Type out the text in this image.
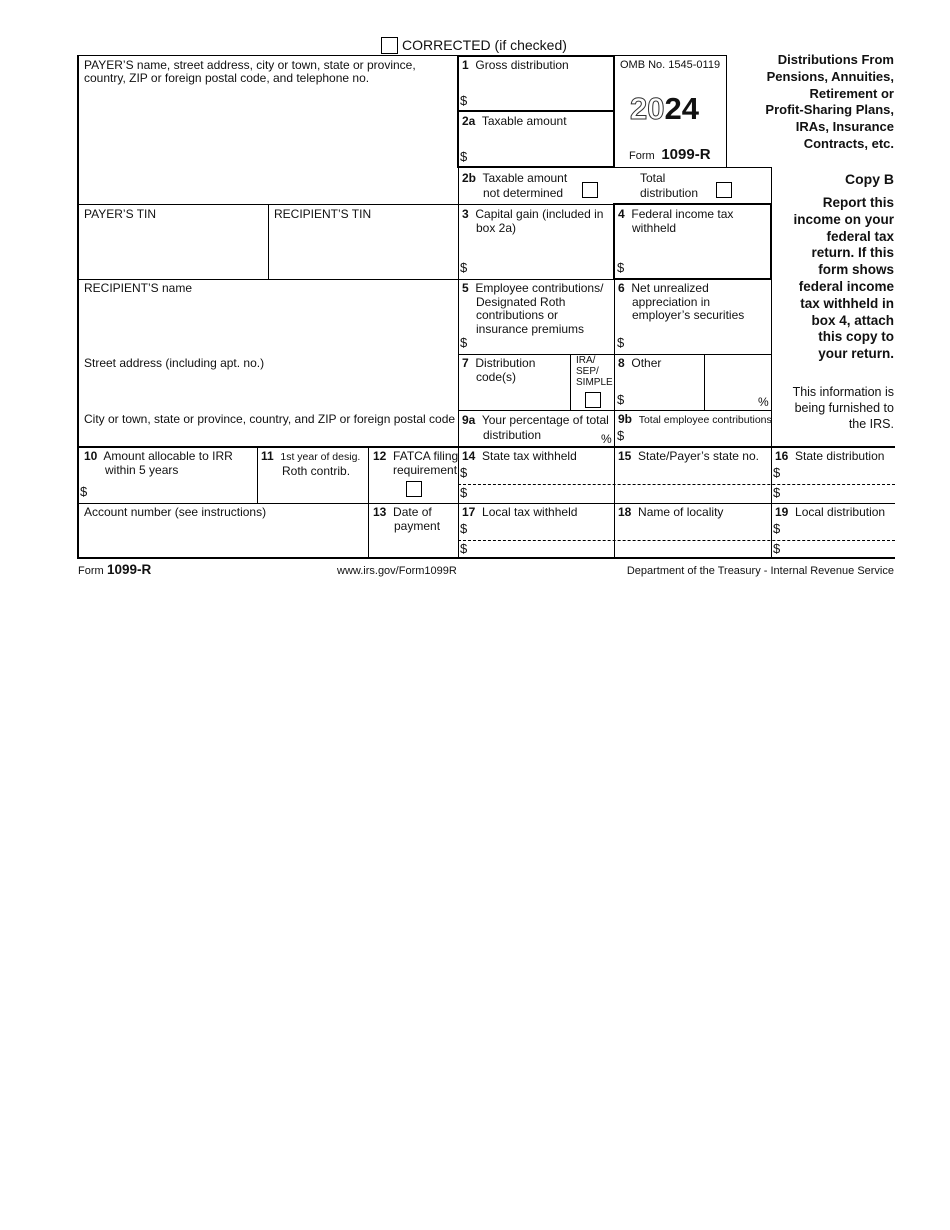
CORRECTED (if checked)
PAYER’S name, street address, city or town, state or province,
country, ZIP or foreign postal code, and telephone no.
PAYER’S TIN	RECIPIENT’S TIN
RECIPIENT’S name
Street address (including apt. no.)
City or town, state or province, country, and ZIP or foreign postal code
1 Gross distribution
$
2a Taxable amount
$
OMB No. 1545-0119
2024
Form 1099-R
Distributions From
Pensions, Annuities,
Retirement or
Profit-Sharing Plans,
IRAs, Insurance
Contracts, etc.
2b Taxable amount
not determined
Total
distribution
Copy B
Report this
income on your
federal tax
return. If this
form shows
federal income
tax withheld in
box 4, attach
this copy to
your return.
This information is
being furnished to
the IRS.
3 Capital gain (included in
box 2a)
$
4 Federal income tax
withheld
$
5 Employee contributions/
Designated Roth
contributions or
insurance premiums
$
6 Net unrealized
appreciation in
employer’s securities
$
7 Distribution
code(s)
IRA/
SEP/
SIMPLE
8 Other
$	%
9a Your percentage of total
distribution	%
9b Total employee contributions
$
10 Amount allocable to IRR
within 5 years
$
11 1st year of desig.
Roth contrib.
12 FATCA filing
requirement
14 State tax withheld
$
$
15 State/Payer’s state no. 16 State distribution
$
$
Account number (see instructions)	13 Date of
payment
17 Local tax withheld
$
$
18 Name of locality	19 Local distribution
$
$
Form 1099-R	www.irs.gov/Form1099R	Department of the Treasury - Internal Revenue Service
